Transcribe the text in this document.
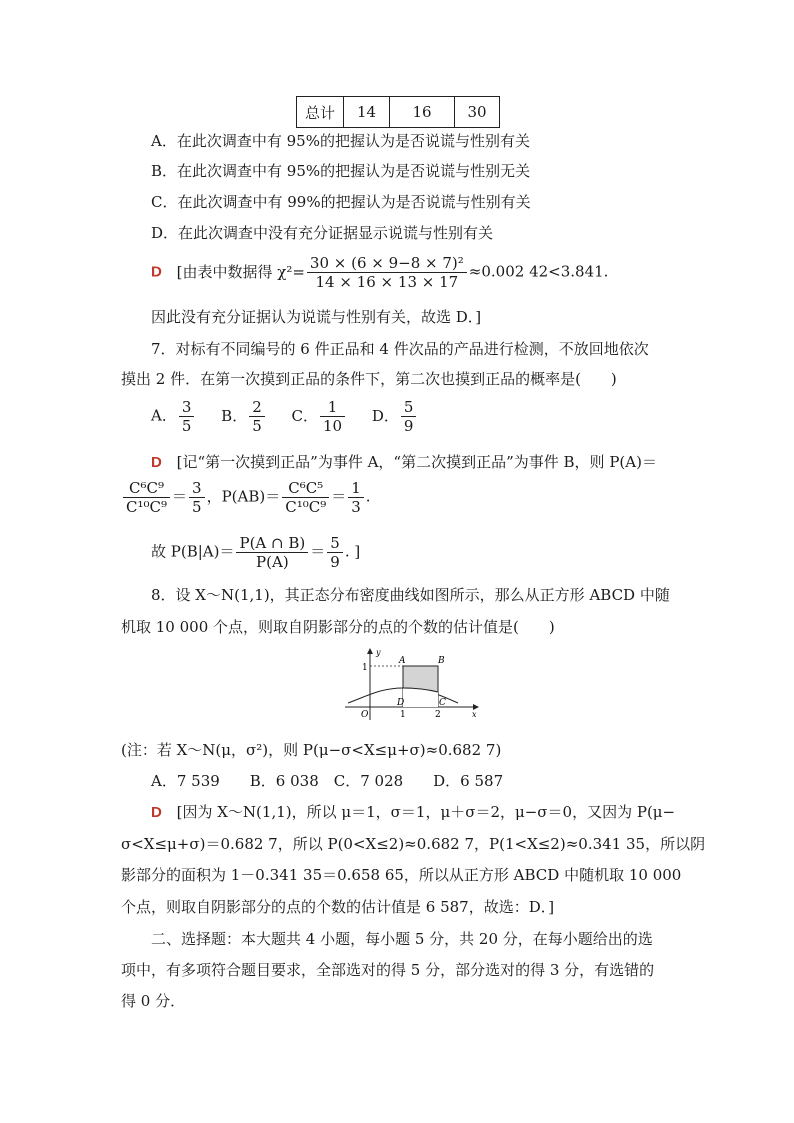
总计	14	16	30
A．在此次调查中有 95%的把握认为是否说谎与性别有关
B．在此次调查中有 95%的把握认为是否说谎与性别无关
C．在此次调查中有 99%的把握认为是否说谎与性别有关
D．在此次调查中没有充分证据显示说谎与性别有关
D [由表中数据得 $\chi^2= \frac{\text{30 × (6 × 9−8 × 7)²}}{14 \times 16 \times 13 \times 17} \approx 0.002$ 42<3.841.
因此没有充分证据认为说谎与性别有关，故选 D．]
7．对标有不同编号的 6 件正品和 4 件次品的产品进行检测，不放回地依次
摸出 2 件．在第一次摸到正品的条件下，第二次也摸到正品的概率是(　　)
A． $\frac{3}{5}$ B． $\frac{2}{5}$ C． $\frac{1}{10}$ D． $\frac{5}{9}$
D [记“第一次摸到正品”为事件 A，“第二次摸到正品”为事件 B，则 P(A)＝
$\frac{\text{C⁶C⁹}}{\text{C¹⁰C⁹}} = \frac{3}{5}$ ，$P(AB)= \frac{\text{C⁶C⁵}}{\text{C¹⁰C⁹}} = \frac{1}{3}$ .
故 $P(B|A)= \frac{P(A \cap B)}{P(A)} = \frac{5}{9}$ . ]
8．设 X～N(1,1)，其正态分布密度曲线如图所示，那么从正方形 ABCD 中随
机取 10 000 个点，则取自阴影部分的点的个数的估计值是(　　)
y
x
O
1
1	2
A	B
C
D
(注：若 X～N(μ，σ²)，则 P(μ−σ<X≤μ+σ)≈0.682 7)
A．7 539　　B．6 038　C．7 028　　D．6 587
D [因为 X～N(1,1)，所以 μ＝1，σ＝1，μ＋σ＝2，μ−σ＝0，又因为 P(μ−
σ<X≤μ+σ)＝0.682 7，所以 P(0<X≤2)≈0.682 7，P(1<X≤2)≈0.341 35，所以阴
影部分的面积为 1－0.341 35＝0.658 65，所以从正方形 ABCD 中随机取 10 000
个点，则取自阴影部分的点的个数的估计值是 6 587，故选：D．]
二、选择题：本大题共 4 小题，每小题 5 分，共 20 分，在每小题给出的选
项中，有多项符合题目要求，全部选对的得 5 分，部分选对的得 3 分，有选错的
得 0 分．
